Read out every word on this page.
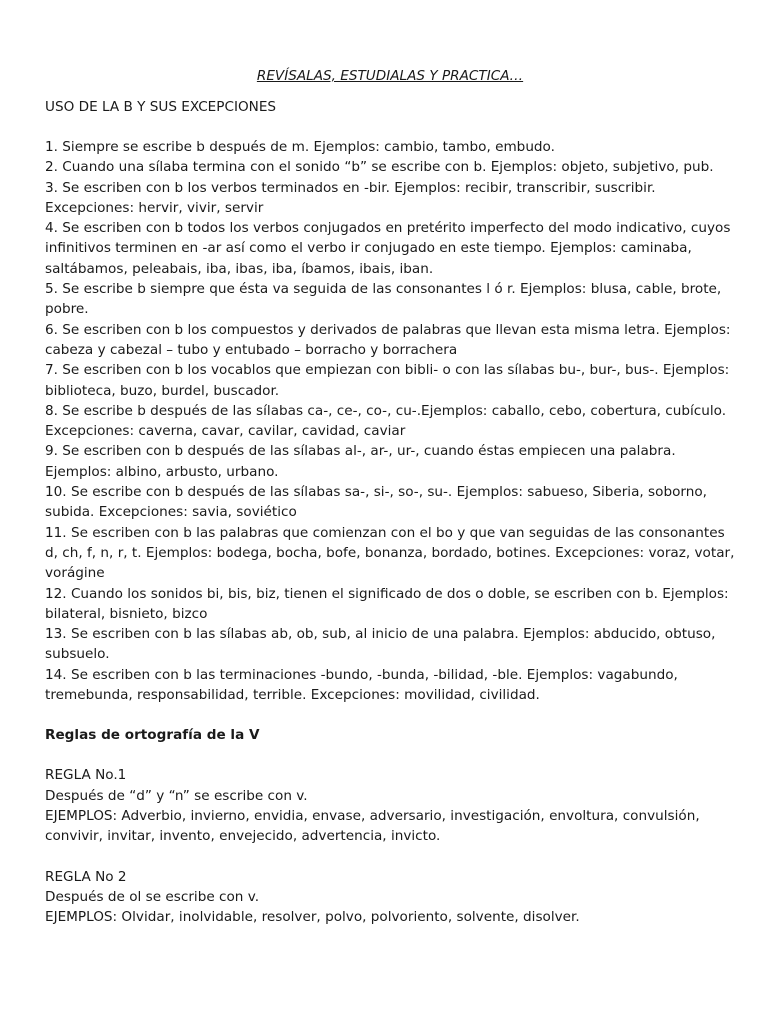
REVÍSALAS, ESTUDIALAS Y PRACTICA…
USO DE LA B Y SUS EXCEPCIONES
1. Siempre se escribe b después de m. Ejemplos: cambio, tambo, embudo.
2. Cuando una sílaba termina con el sonido “b” se escribe con b. Ejemplos: objeto, subjetivo, pub.
3. Se escriben con b los verbos terminados en -bir. Ejemplos: recibir, transcribir, suscribir. Excepciones: hervir, vivir, servir
4. Se escriben con b todos los verbos conjugados en pretérito imperfecto del modo indicativo, cuyos infinitivos terminen en -ar así como el verbo ir conjugado en este tiempo. Ejemplos: caminaba, saltábamos, peleabais, iba, ibas, iba, íbamos, ibais, iban.
5. Se escribe b siempre que ésta va seguida de las consonantes l ó r. Ejemplos: blusa, cable, brote, pobre.
6. Se escriben con b los compuestos y derivados de palabras que llevan esta misma letra. Ejemplos: cabeza y cabezal – tubo y entubado – borracho y borrachera
7. Se escriben con b los vocablos que empiezan con bibli- o con las sílabas bu-, bur-, bus-. Ejemplos: biblioteca, buzo, burdel, buscador.
8. Se escribe b después de las sílabas ca-, ce-, co-, cu-.Ejemplos: caballo, cebo, cobertura, cubículo. Excepciones: caverna, cavar, cavilar, cavidad, caviar
9. Se escriben con b después de las sílabas al-, ar-, ur-, cuando éstas empiecen una palabra. Ejemplos: albino, arbusto, urbano.
10. Se escribe con b después de las sílabas sa-, si-, so-, su-. Ejemplos: sabueso, Siberia, soborno, subida. Excepciones: savia, soviético
11. Se escriben con b las palabras que comienzan con el bo y que van seguidas de las consonantes d, ch, f, n, r, t. Ejemplos: bodega, bocha, bofe, bonanza, bordado, botines. Excepciones: voraz, votar, vorágine
12. Cuando los sonidos bi, bis, biz, tienen el significado de dos o doble, se escriben con b. Ejemplos: bilateral, bisnieto, bizco
13. Se escriben con b las sílabas ab, ob, sub, al inicio de una palabra. Ejemplos: abducido, obtuso, subsuelo.
14. Se escriben con b las terminaciones -bundo, -bunda, -bilidad, -ble. Ejemplos: vagabundo, tremebunda, responsabilidad, terrible. Excepciones: movilidad, civilidad.
Reglas de ortografía de la V

REGLA No.1

Después de “d” y “n” se escribe con v.

EJEMPLOS: Adverbio, invierno, envidia, envase, adversario, investigación, envoltura, convulsión, convivir, invitar, invento, envejecido, advertencia, invicto.

REGLA No 2

Después de ol se escribe con v.

EJEMPLOS: Olvidar, inolvidable, resolver, polvo, polvoriento, solvente, disolver.
